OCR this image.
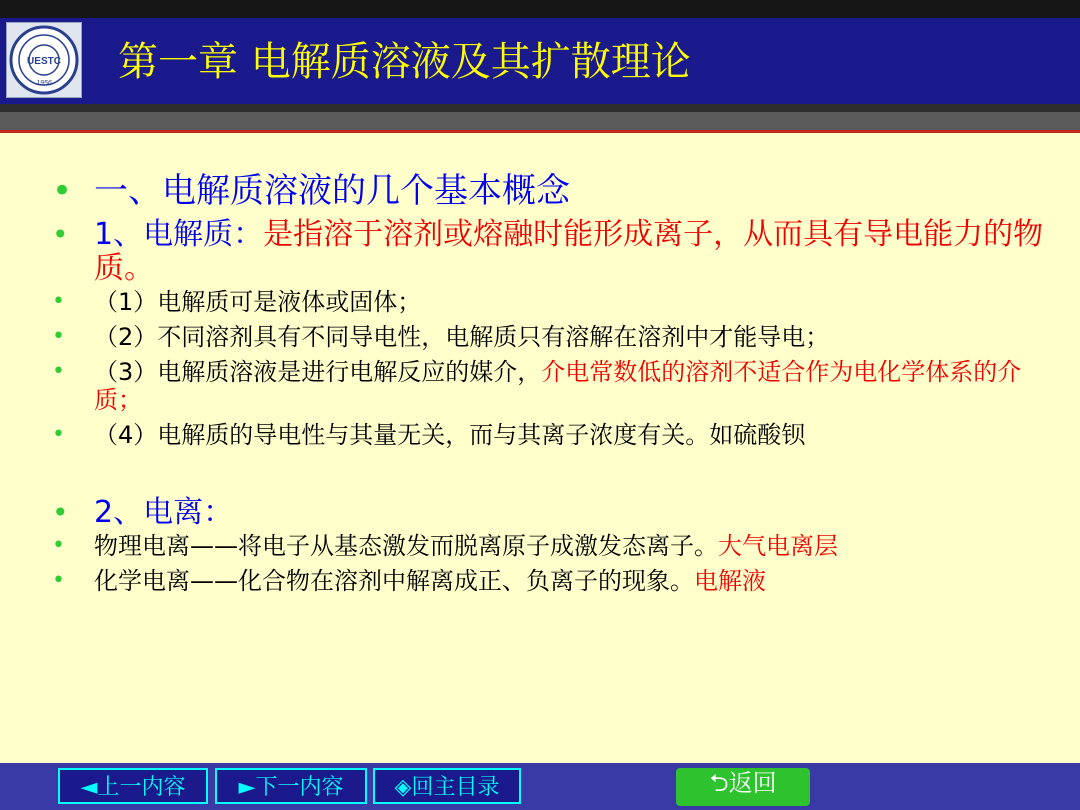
UESTC
1956 第一章 电解质溶液及其扩散理论
• 一、电解质溶液的几个基本概念
• 1、电解质：是指溶于溶剂或熔融时能形成离子，从而具有导电能力的物质。
• （1）电解质可是液体或固体；
• （2）不同溶剂具有不同导电性，电解质只有溶解在溶剂中才能导电；
• （3）电解质溶液是进行电解反应的媒介，介电常数低的溶剂不适合作为电化学体系的介质；
• （4）电解质的导电性与其量无关，而与其离子浓度有关。如硫酸钡
• 2、电离：
• 物理电离——将电子从基态激发而脱离原子成激发态离子。大气电离层
• 化学电离——化合物在溶剂中解离成正、负离子的现象。电解液
◄上一内容	►下一内容	◈回主目录	⮌返回
